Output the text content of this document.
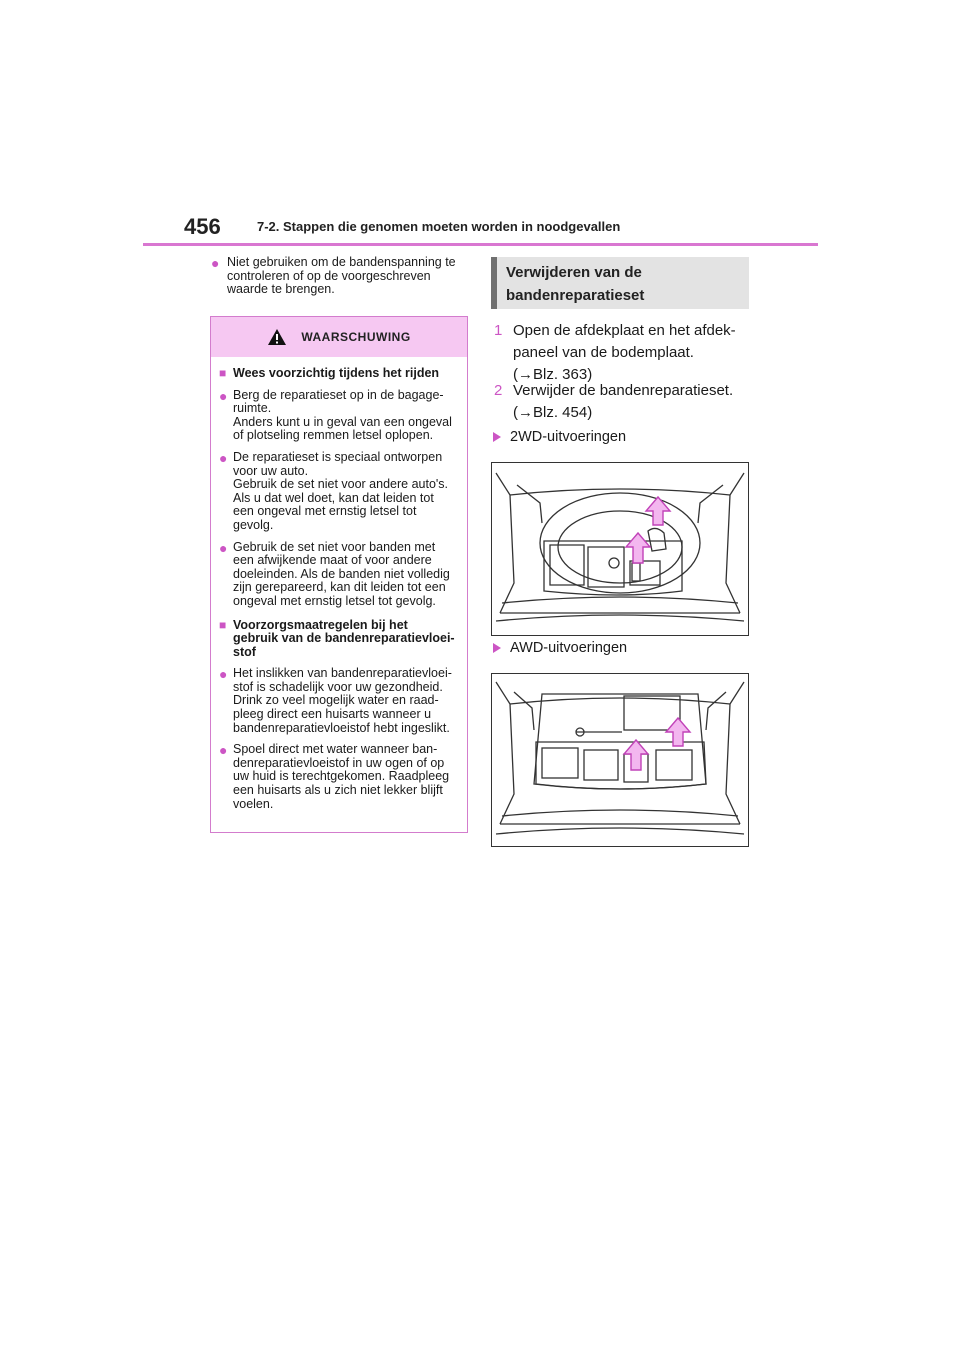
456	7-2. Stappen die genomen moeten worden in noodgevallen
● Niet gebruiken om de bandenspanning te controleren of op de voorgeschreven waarde te brengen.
WAARSCHUWING
■ Wees voorzichtig tijdens het rijden
● Berg de reparatieset op in de bagage-
ruimte.
Anders kunt u in geval van een ongeval
of plotseling remmen letsel oplopen.
● De reparatieset is speciaal ontworpen
voor uw auto.
Gebruik de set niet voor andere auto's.
Als u dat wel doet, kan dat leiden tot
een ongeval met ernstig letsel tot
gevolg.
● Gebruik de set niet voor banden met
een afwijkende maat of voor andere
doeleinden. Als de banden niet volledig
zijn gerepareerd, kan dit leiden tot een
ongeval met ernstig letsel tot gevolg.
■ Voorzorgsmaatregelen bij het
gebruik van de bandenreparatievloei-
stof
● Het inslikken van bandenreparatievloei-
stof is schadelijk voor uw gezondheid.
Drink zo veel mogelijk water en raad-
pleeg direct een huisarts wanneer u
bandenreparatievloeistof hebt ingeslikt.
● Spoel direct met water wanneer ban-
denreparatievloeistof in uw ogen of op
uw huid is terechtgekomen. Raadpleeg
een huisarts als u zich niet lekker blijft
voelen.
Verwijderen van de
bandenreparatieset
1 Open de afdekplaat en het afdek-
paneel van de bodemplaat.
(→Blz. 363)
2 Verwijder de bandenreparatieset.
(→Blz. 454)
2WD-uitvoeringen
AWD-uitvoeringen
